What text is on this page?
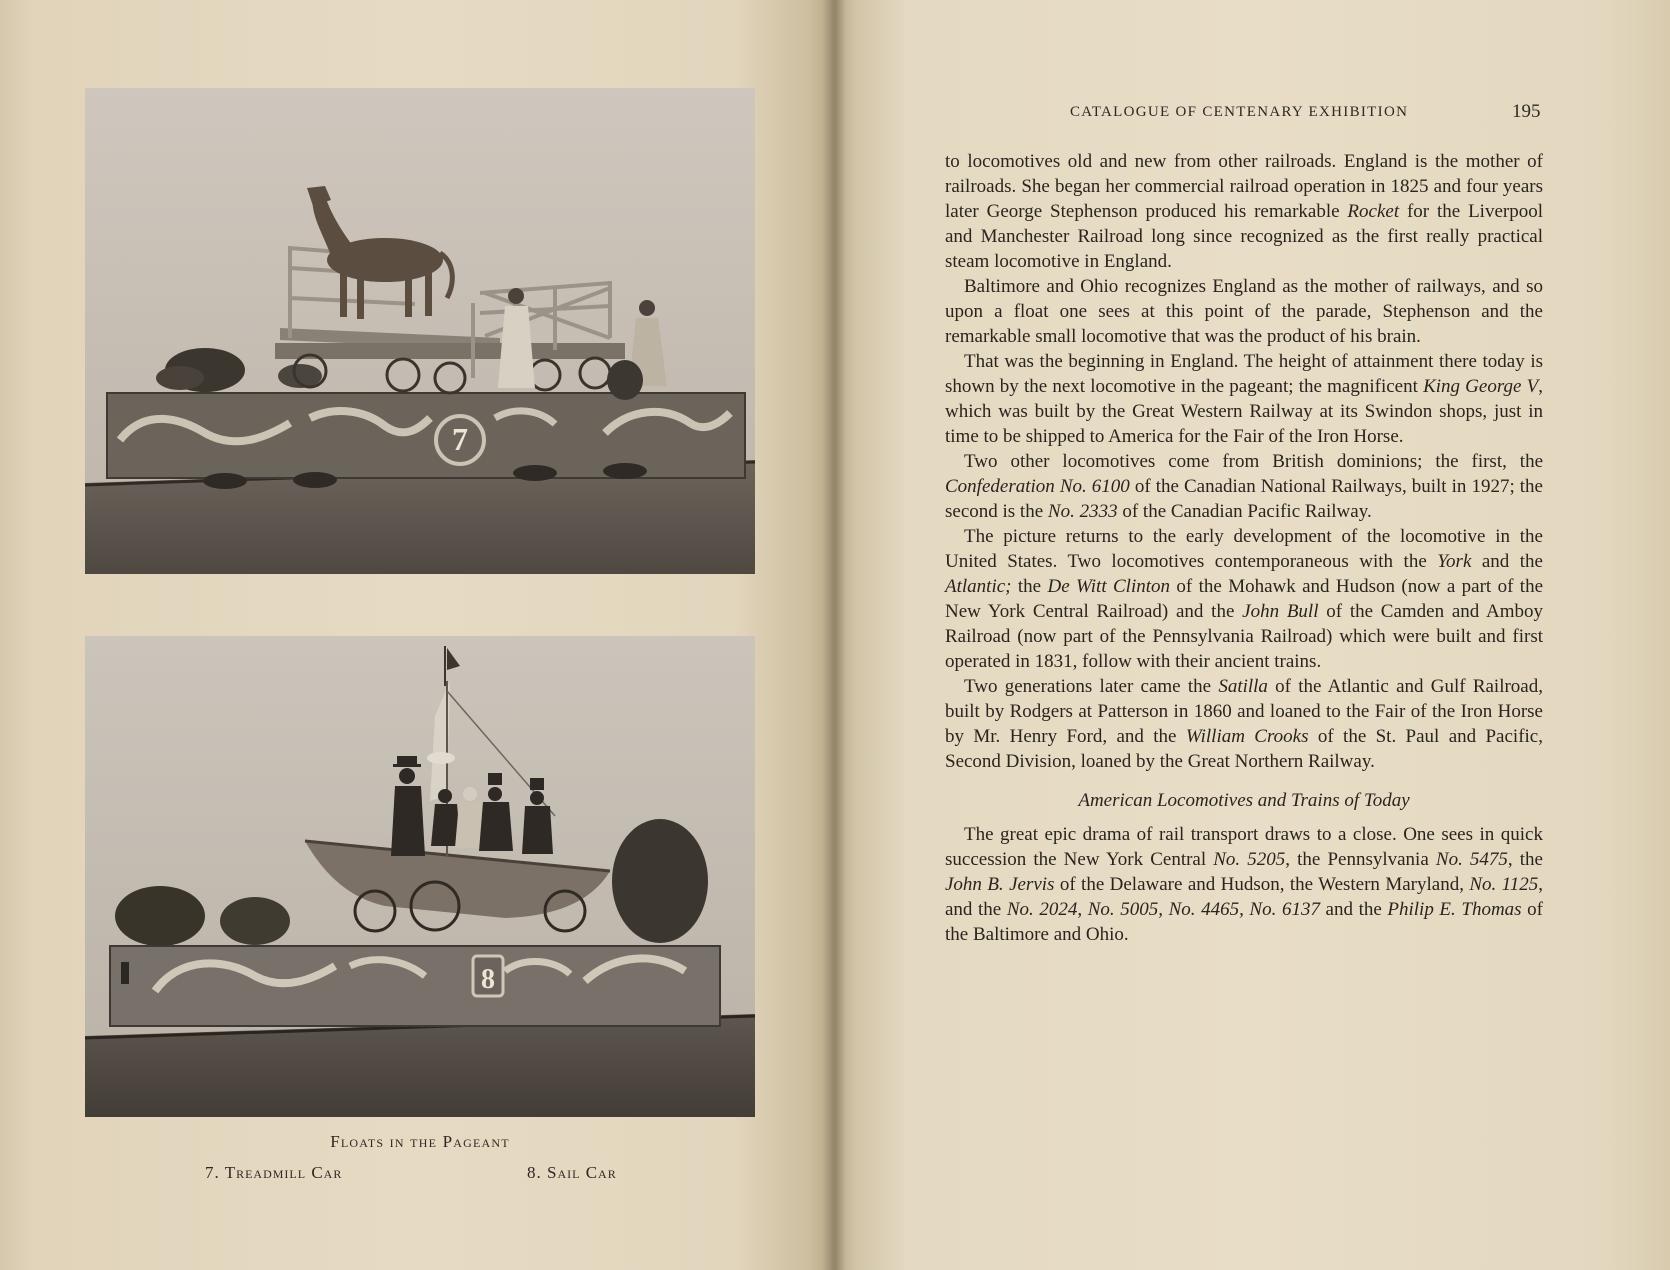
7
8
Floats in the Pageant
7. Treadmill Car	8. Sail Car
CATALOGUE OF CENTENARY EXHIBITION	195

to locomotives old and new from other railroads. England is the mother of railroads. She began her commercial railroad operation in 1825 and four years later George Stephenson produced his remarkable Rocket for the Liverpool and Manchester Railroad long since recognized as the first really practical steam locomotive in England.

Baltimore and Ohio recognizes England as the mother of railways, and so upon a float one sees at this point of the parade, Stephenson and the remarkable small locomotive that was the product of his brain.

That was the beginning in England. The height of attainment there today is shown by the next locomotive in the pageant; the magnificent King George V, which was built by the Great Western Railway at its Swindon shops, just in time to be shipped to America for the Fair of the Iron Horse.

Two other locomotives come from British dominions; the first, the Confederation No. 6100 of the Canadian National Railways, built in 1927; the second is the No. 2333 of the Canadian Pacific Railway.

The picture returns to the early development of the locomotive in the United States. Two locomotives contemporaneous with the York and the Atlantic; the De Witt Clinton of the Mohawk and Hudson (now a part of the New York Central Railroad) and the John Bull of the Camden and Amboy Railroad (now part of the Pennsylvania Railroad) which were built and first operated in 1831, follow with their ancient trains.

Two generations later came the Satilla of the Atlantic and Gulf Railroad, built by Rodgers at Patterson in 1860 and loaned to the Fair of the Iron Horse by Mr. Henry Ford, and the William Crooks of the St. Paul and Pacific, Second Division, loaned by the Great Northern Railway.

American Locomotives and Trains of Today

The great epic drama of rail transport draws to a close. One sees in quick succession the New York Central No. 5205, the Pennsylvania No. 5475, the John B. Jervis of the Delaware and Hudson, the Western Maryland, No. 1125, and the No. 2024, No. 5005, No. 4465, No. 6137 and the Philip E. Thomas of the Baltimore and Ohio.
